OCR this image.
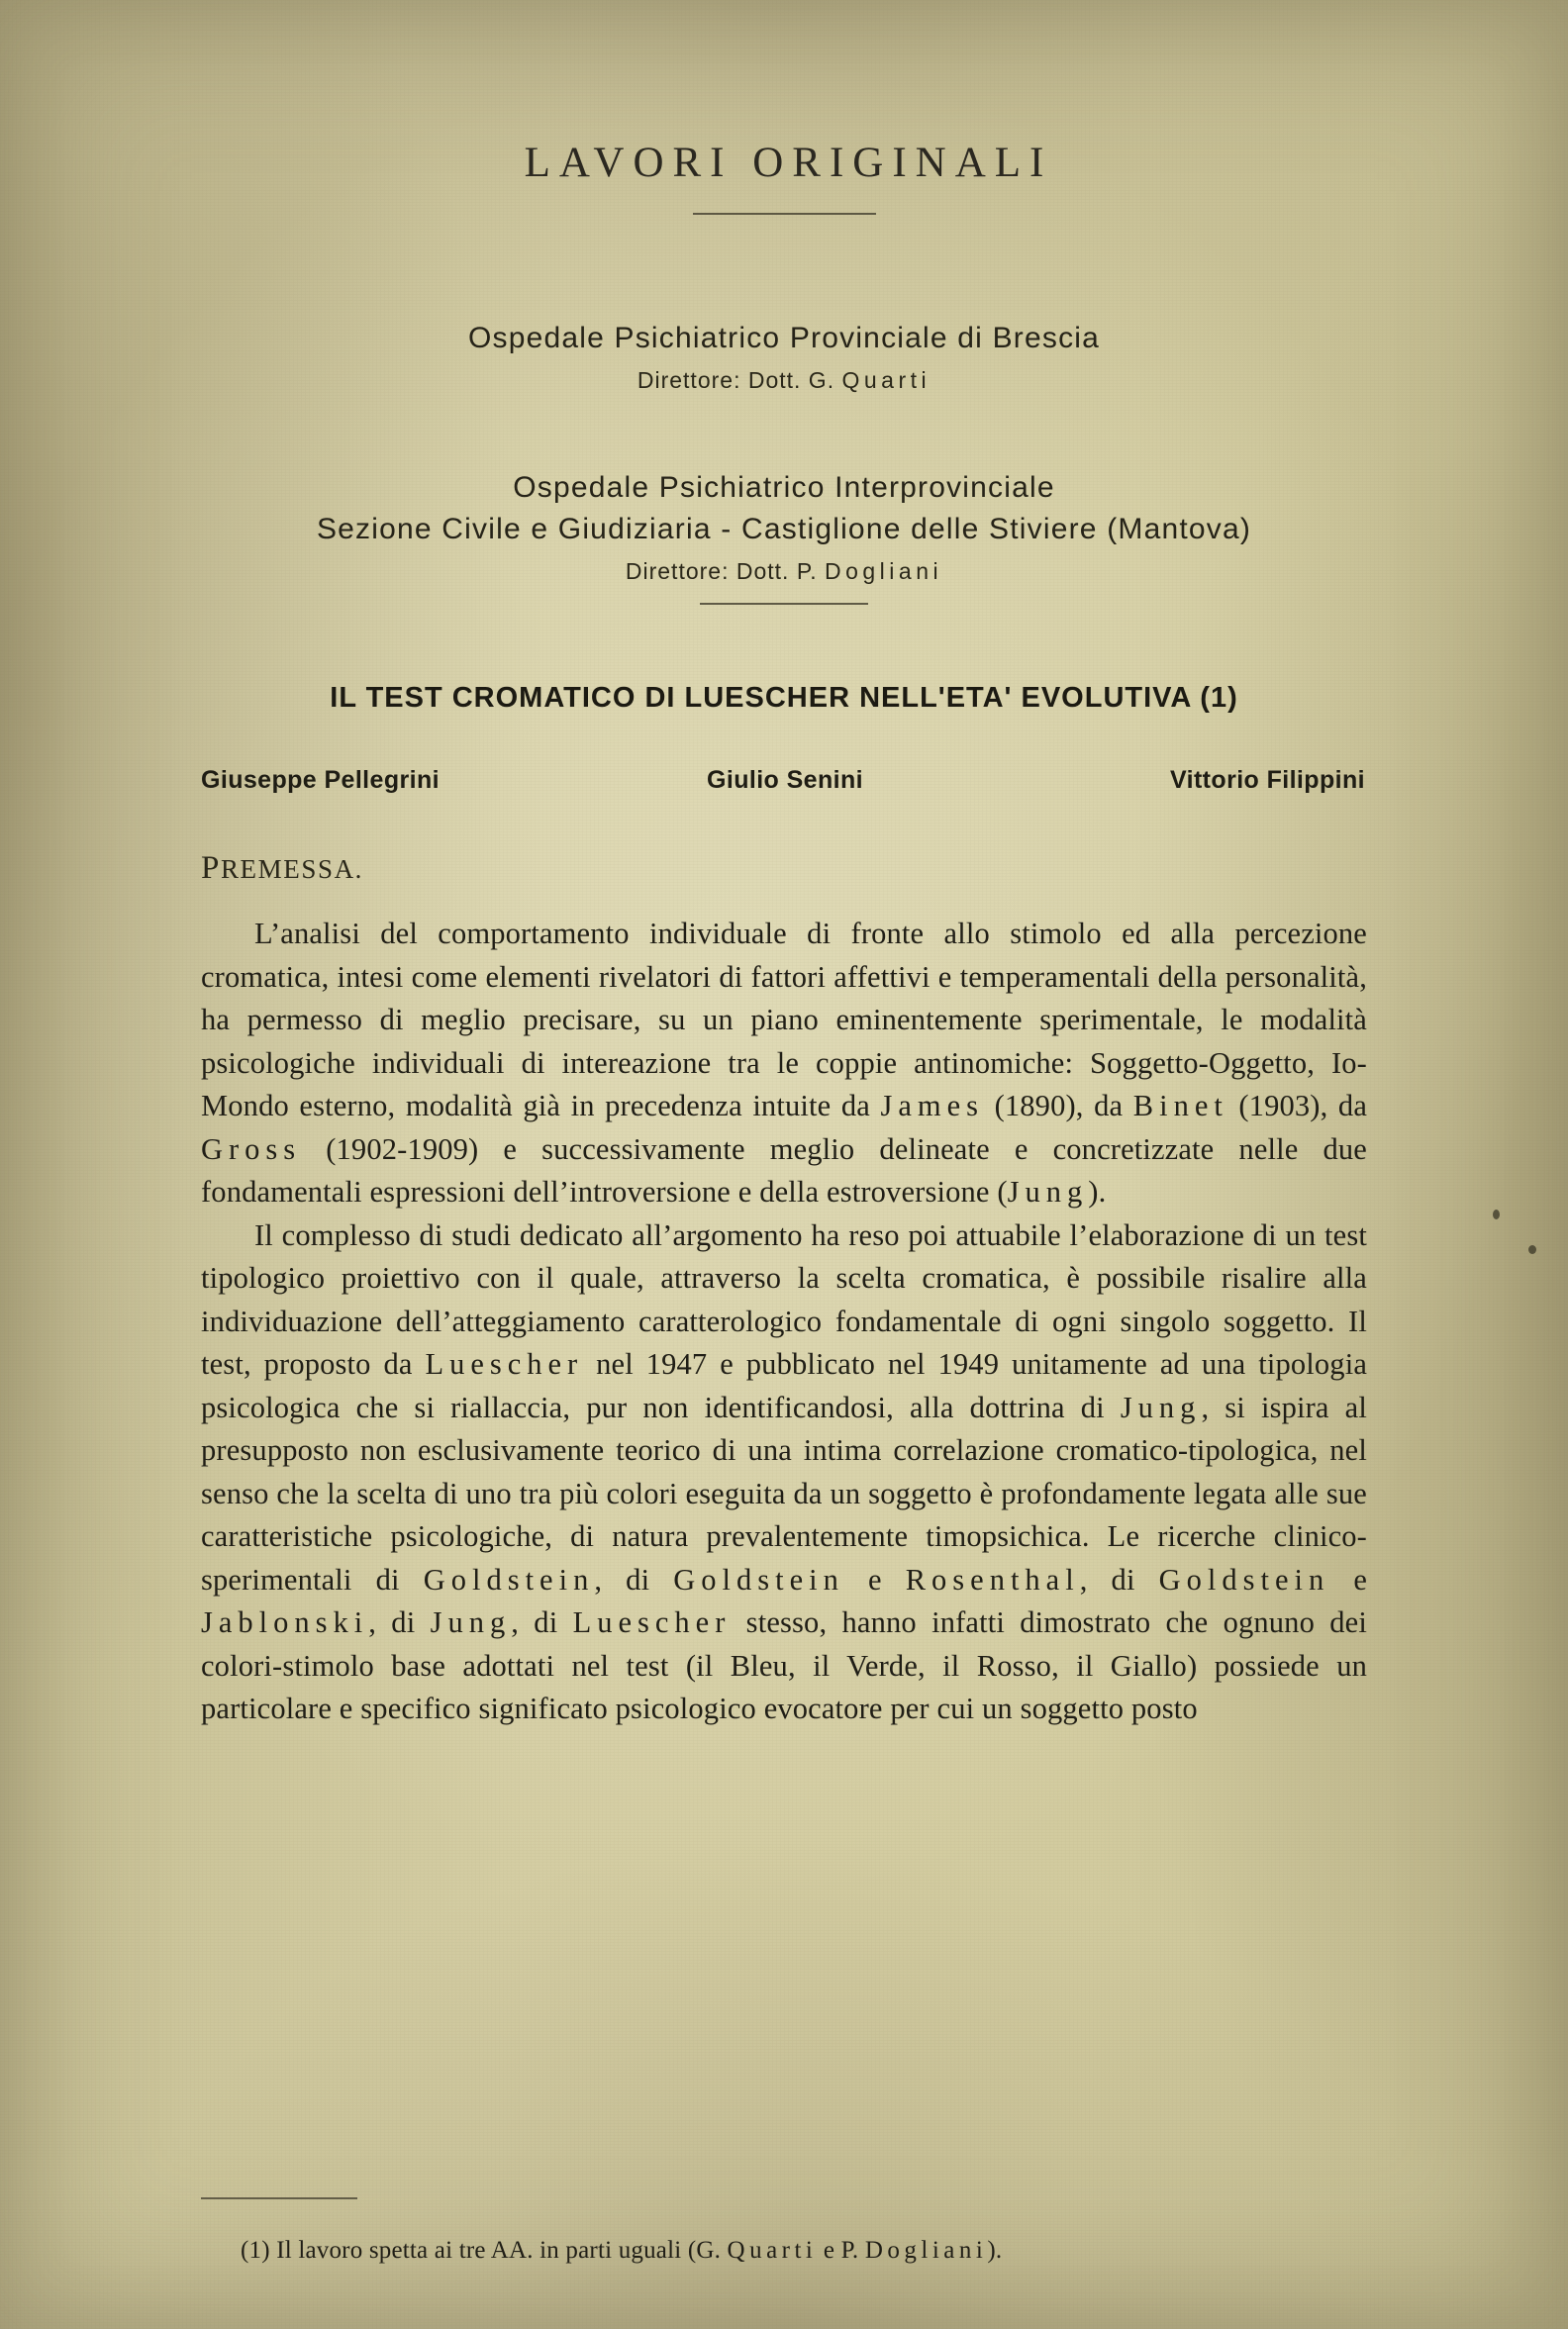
LAVORI ORIGINALI
Ospedale Psichiatrico Provinciale di Brescia
Direttore: Dott. G. Quarti
Ospedale Psichiatrico Interprovinciale
Sezione Civile e Giudiziaria - Castiglione delle Stiviere (Mantova)
Direttore: Dott. P. Dogliani
IL TEST CROMATICO DI LUESCHER NELL'ETA' EVOLUTIVA (1)
Giuseppe Pellegrini	Giulio Senini	Vittorio Filippini
PREMESSA.

L’analisi del comportamento individuale di fronte allo stimolo ed alla percezione cromatica, intesi come elementi rivelatori di fattori affettivi e temperamentali della personalità, ha permesso di meglio precisare, su un piano eminentemente sperimentale, le modalità psicologiche individuali di intereazione tra le coppie antinomiche: Soggetto-Oggetto, Io-Mondo esterno, modalità già in precedenza intuite da James (1890), da Binet (1903), da Gross (1902-1909) e successivamente meglio delineate e concretizzate nelle due fondamentali espressioni dell’introversione e della estroversione (Jung).

Il complesso di studi dedicato all’argomento ha reso poi attuabile l’elaborazione di un test tipologico proiettivo con il quale, attraverso la scelta cromatica, è possibile risalire alla individuazione dell’atteggiamento caratterologico fondamentale di ogni singolo soggetto. Il test, proposto da Luescher nel 1947 e pubblicato nel 1949 unitamente ad una tipologia psicologica che si riallaccia, pur non identificandosi, alla dottrina di Jung, si ispira al presupposto non esclusivamente teorico di una intima correlazione cromatico-tipologica, nel senso che la scelta di uno tra più colori eseguita da un soggetto è profondamente legata alle sue caratteristiche psicologiche, di natura prevalentemente timopsichica. Le ricerche clinico-sperimentali di Goldstein, di Goldstein e Rosenthal, di Goldstein e Jablonski, di Jung, di Luescher stesso, hanno infatti dimostrato che ognuno dei colori-stimolo base adottati nel test (il Bleu, il Verde, il Rosso, il Giallo) possiede un particolare e specifico significato psicologico evocatore per cui un soggetto posto

(1) Il lavoro spetta ai tre AA. in parti uguali (G. Quarti e P. Dogliani).
